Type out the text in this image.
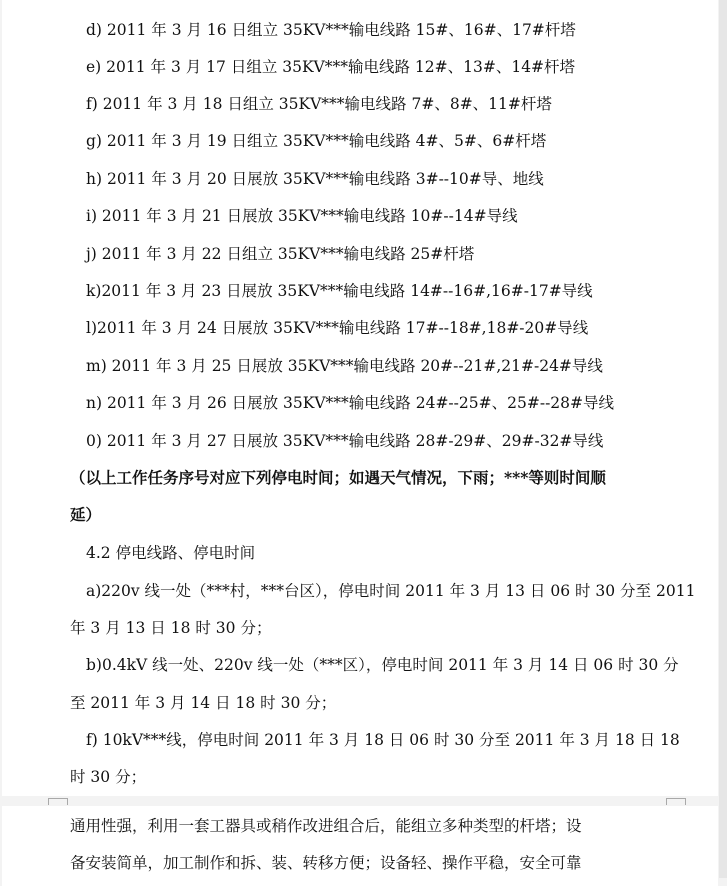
d) 2011 年 3 月 16 日组立 35KV***输电线路 15#、16#、17#杆塔
e) 2011 年 3 月 17 日组立 35KV***输电线路 12#、13#、14#杆塔
f) 2011 年 3 月 18 日组立 35KV***输电线路 7#、8#、11#杆塔
g) 2011 年 3 月 19 日组立 35KV***输电线路 4#、5#、6#杆塔
h) 2011 年 3 月 20 日展放 35KV***输电线路 3#--10#导、地线
i) 2011 年 3 月 21 日展放 35KV***输电线路 10#--14#导线
j) 2011 年 3 月 22 日组立 35KV***输电线路 25#杆塔
k)2011 年 3 月 23 日展放 35KV***输电线路 14#--16#,16#-17#导线
l)2011 年 3 月 24 日展放 35KV***输电线路 17#--18#,18#-20#导线
m) 2011 年 3 月 25 日展放 35KV***输电线路 20#--21#,21#-24#导线
n) 2011 年 3 月 26 日展放 35KV***输电线路 24#--25#、25#--28#导线
0) 2011 年 3 月 27 日展放 35KV***输电线路 28#-29#、29#-32#导线
（以上工作任务序号对应下列停电时间；如遇天气情况，下雨；***等则时间顺
延）
4.2 停电线路、停电时间
a)220v 线一处（***村，***台区），停电时间 2011 年 3 月 13 日 06 时 30 分至 2011
年 3 月 13 日 18 时 30 分；
b)0.4kV 线一处、220v 线一处（***区），停电时间 2011 年 3 月 14 日 06 时 30 分
至 2011 年 3 月 14 日 18 时 30 分；
f) 10kV***线，停电时间 2011 年 3 月 18 日 06 时 30 分至 2011 年 3 月 18 日 18
时 30 分；
通用性强，利用一套工器具或稍作改进组合后，能组立多种类型的杆塔；设
备安装简单，加工制作和拆、装、转移方便；设备轻、操作平稳，安全可靠
